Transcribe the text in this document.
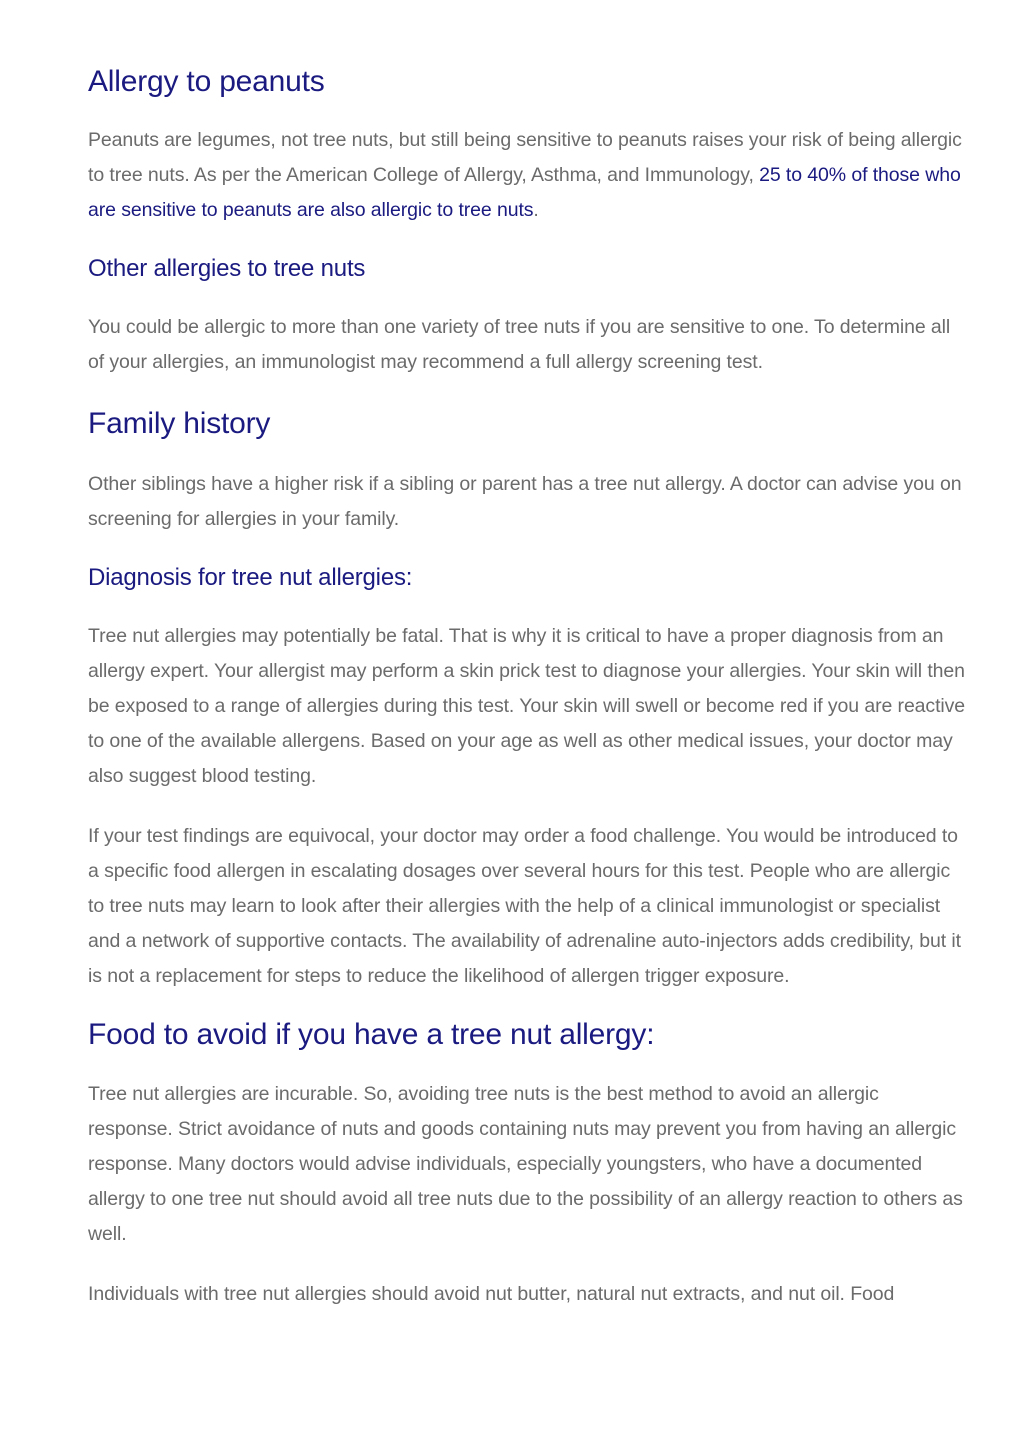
Allergy to peanuts

Peanuts are legumes, not tree nuts, but still being sensitive to peanuts raises your risk of being allergic to tree nuts. As per the American College of Allergy, Asthma, and Immunology, 25 to 40% of those who are sensitive to peanuts are also allergic to tree nuts.

Other allergies to tree nuts

You could be allergic to more than one variety of tree nuts if you are sensitive to one. To determine all of your allergies, an immunologist may recommend a full allergy screening test.

Family history

Other siblings have a higher risk if a sibling or parent has a tree nut allergy. A doctor can advise you on screening for allergies in your family.

Diagnosis for tree nut allergies:

Tree nut allergies may potentially be fatal. That is why it is critical to have a proper diagnosis from an allergy expert. Your allergist may perform a skin prick test to diagnose your allergies. Your skin will then be exposed to a range of allergies during this test. Your skin will swell or become red if you are reactive to one of the available allergens. Based on your age as well as other medical issues, your doctor may also suggest blood testing.

If your test findings are equivocal, your doctor may order a food challenge. You would be introduced to a specific food allergen in escalating dosages over several hours for this test. People who are allergic to tree nuts may learn to look after their allergies with the help of a clinical immunologist or specialist and a network of supportive contacts. The availability of adrenaline auto-injectors adds credibility, but it is not a replacement for steps to reduce the likelihood of allergen trigger exposure.

Food to avoid if you have a tree nut allergy:

Tree nut allergies are incurable. So, avoiding tree nuts is the best method to avoid an allergic response. Strict avoidance of nuts and goods containing nuts may prevent you from having an allergic response. Many doctors would advise individuals, especially youngsters, who have a documented allergy to one tree nut should avoid all tree nuts due to the possibility of an allergy reaction to others as well.

Individuals with tree nut allergies should avoid nut butter, natural nut extracts, and nut oil. Food
